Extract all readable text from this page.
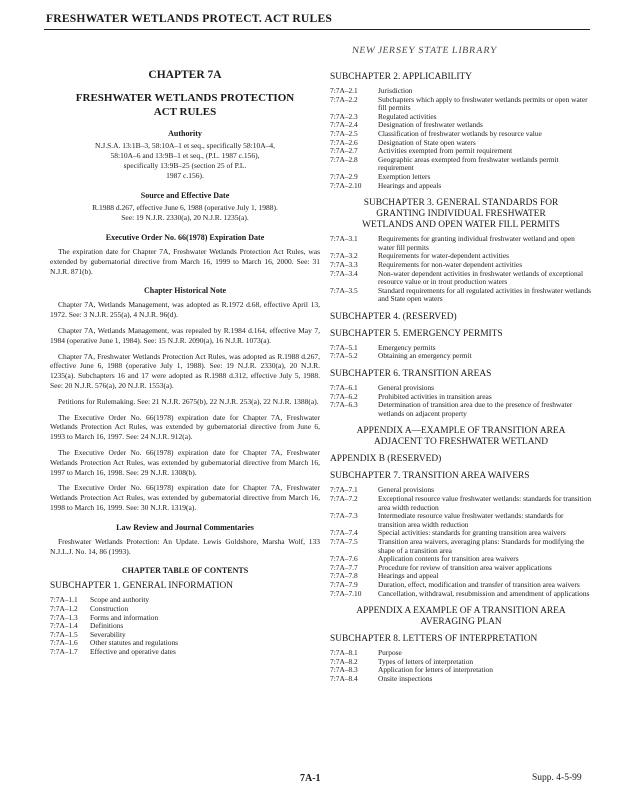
FRESHWATER WETLANDS PROTECT. ACT RULES
NEW JERSEY STATE LIBRARY
CHAPTER 7A
FRESHWATER WETLANDS PROTECTION
ACT RULES
Authority
N.J.S.A. 13:1B–3, 58:10A–1 et seq., specifically 58:10A–4,
58:10A–6 and 13:9B–1 et seq., (P.L. 1987 c.156),
specifically 13:9B–25 (section 25 of P.L.
1987 c.156).
Source and Effective Date
R.1988 d.267, effective June 6, 1988 (operative July 1, 1988).
See: 19 N.J.R. 2330(a), 20 N.J.R. 1235(a).
Executive Order No. 66(1978) Expiration Date

The expiration date for Chapter 7A, Freshwater Wetlands Protection Act Rules, was extended by gubernatorial directive from March 16, 1999 to March 16, 2000. See: 31 N.J.R. 871(b).

Chapter Historical Note

Chapter 7A, Wetlands Management, was adopted as R.1972 d.68, effective April 13, 1972. See: 3 N.J.R. 255(a), 4 N.J.R. 96(d).

Chapter 7A, Wetlands Management, was repealed by R.1984 d.164, effective May 7, 1984 (operative June 1, 1984). See: 15 N.J.R. 2090(a), 16 N.J.R. 1073(a).

Chapter 7A, Freshwater Wetlands Protection Act Rules, was adopted as R.1988 d.267, effective June 6, 1988 (operative July 1, 1988). See: 19 N.J.R. 2330(a), 20 N.J.R. 1235(a). Subchapters 16 and 17 were adopted as R.1988 d.312, effective July 5, 1988. See: 20 N.J.R. 576(a), 20 N.J.R. 1553(a).

Petitions for Rulemaking. See: 21 N.J.R. 2675(b), 22 N.J.R. 253(a), 22 N.J.R. 1388(a).

The Executive Order No. 66(1978) expiration date for Chapter 7A, Freshwater Wetlands Protection Act Rules, was extended by gubernatorial directive from June 6, 1993 to March 16, 1997. See: 24 N.J.R. 912(a).

The Executive Order No. 66(1978) expiration date for Chapter 7A, Freshwater Wetlands Protection Act Rules, was extended by gubernatorial directive from March 16, 1997 to March 16, 1998. See: 29 N.J.R. 1308(b).

The Executive Order No. 66(1978) expiration date for Chapter 7A, Freshwater Wetlands Protection Act Rules, was extended by gubernatorial directive from March 16, 1998 to March 16, 1999. See: 30 N.J.R. 1319(a).

Law Review and Journal Commentaries

Freshwater Wetlands Protection: An Update. Lewis Goldshore, Marsha Wolf, 133 N.J.L.J. No. 14, 86 (1993).

CHAPTER TABLE OF CONTENTS
SUBCHAPTER 1. GENERAL INFORMATION
7:7A–1.1	Scope and authority
7:7A–1.2	Construction
7:7A–1.3	Forms and information
7:7A–1.4	Definitions
7:7A–1.5	Severability
7:7A–1.6	Other statutes and regulations
7:7A–1.7	Effective and operative dates
SUBCHAPTER 2. APPLICABILITY
7:7A–2.1	Jurisdiction
7:7A–2.2	Subchapters which apply to freshwater wetlands permits or open water fill permits
7:7A–2.3	Regulated activities
7:7A–2.4	Designation of freshwater wetlands
7:7A–2.5	Classification of freshwater wetlands by resource value
7:7A–2.6	Designation of State open waters
7:7A–2.7	Activities exempted from permit requirement
7:7A–2.8	Geographic areas exempted from freshwater wetlands permit requirement
7:7A–2.9	Exemption letters
7:7A–2.10	Hearings and appeals
SUBCHAPTER 3. GENERAL STANDARDS FOR
GRANTING INDIVIDUAL FRESHWATER
WETLANDS AND OPEN WATER FILL PERMITS
7:7A–3.1	Requirements for granting individual freshwater wetland and open water fill permits
7:7A–3.2	Requirements for water-dependent activities
7:7A–3.3	Requirements for non-water dependent activities
7:7A–3.4	Non-water dependent activities in freshwater wetlands of exceptional resource value or in trout production waters
7:7A–3.5	Standard requirements for all regulated activities in freshwater wetlands and State open waters
SUBCHAPTER 4. (RESERVED)
SUBCHAPTER 5. EMERGENCY PERMITS
7:7A–5.1	Emergency permits
7:7A–5.2	Obtaining an emergency permit
SUBCHAPTER 6. TRANSITION AREAS
7:7A–6.1	General provisions
7:7A–6.2	Prohibited activities in transition areas
7:7A–6.3	Determination of transition area due to the presence of freshwater wetlands on adjacent property
APPENDIX A—EXAMPLE OF TRANSITION AREA
ADJACENT TO FRESHWATER WETLAND
APPENDIX B (RESERVED)
SUBCHAPTER 7. TRANSITION AREA WAIVERS
7:7A–7.1	General provisions
7:7A–7.2	Exceptional resource value freshwater wetlands: standards for transition area width reduction
7:7A–7.3	Intermediate resource value freshwater wetlands: standards for transition area width reduction
7:7A–7.4	Special activities: standards for granting transition area waivers
7:7A–7.5	Transition area waivers, averaging plans: Standards for modifying the shape of a transition area
7:7A–7.6	Application contents for transition area waivers
7:7A–7.7	Procedure for review of transition area waiver applications
7:7A–7.8	Hearings and appeal
7:7A–7.9	Duration, effect, modification and transfer of transition area waivers
7:7A–7.10	Cancellation, withdrawal, resubmission and amendment of applications
APPENDIX A EXAMPLE OF A TRANSITION AREA
AVERAGING PLAN
SUBCHAPTER 8. LETTERS OF INTERPRETATION
7:7A–8.1	Purpose
7:7A–8.2	Types of letters of interpretation
7:7A–8.3	Application for letters of interpretation
7:7A–8.4	Onsite inspections
7A-1	Supp. 4-5-99
